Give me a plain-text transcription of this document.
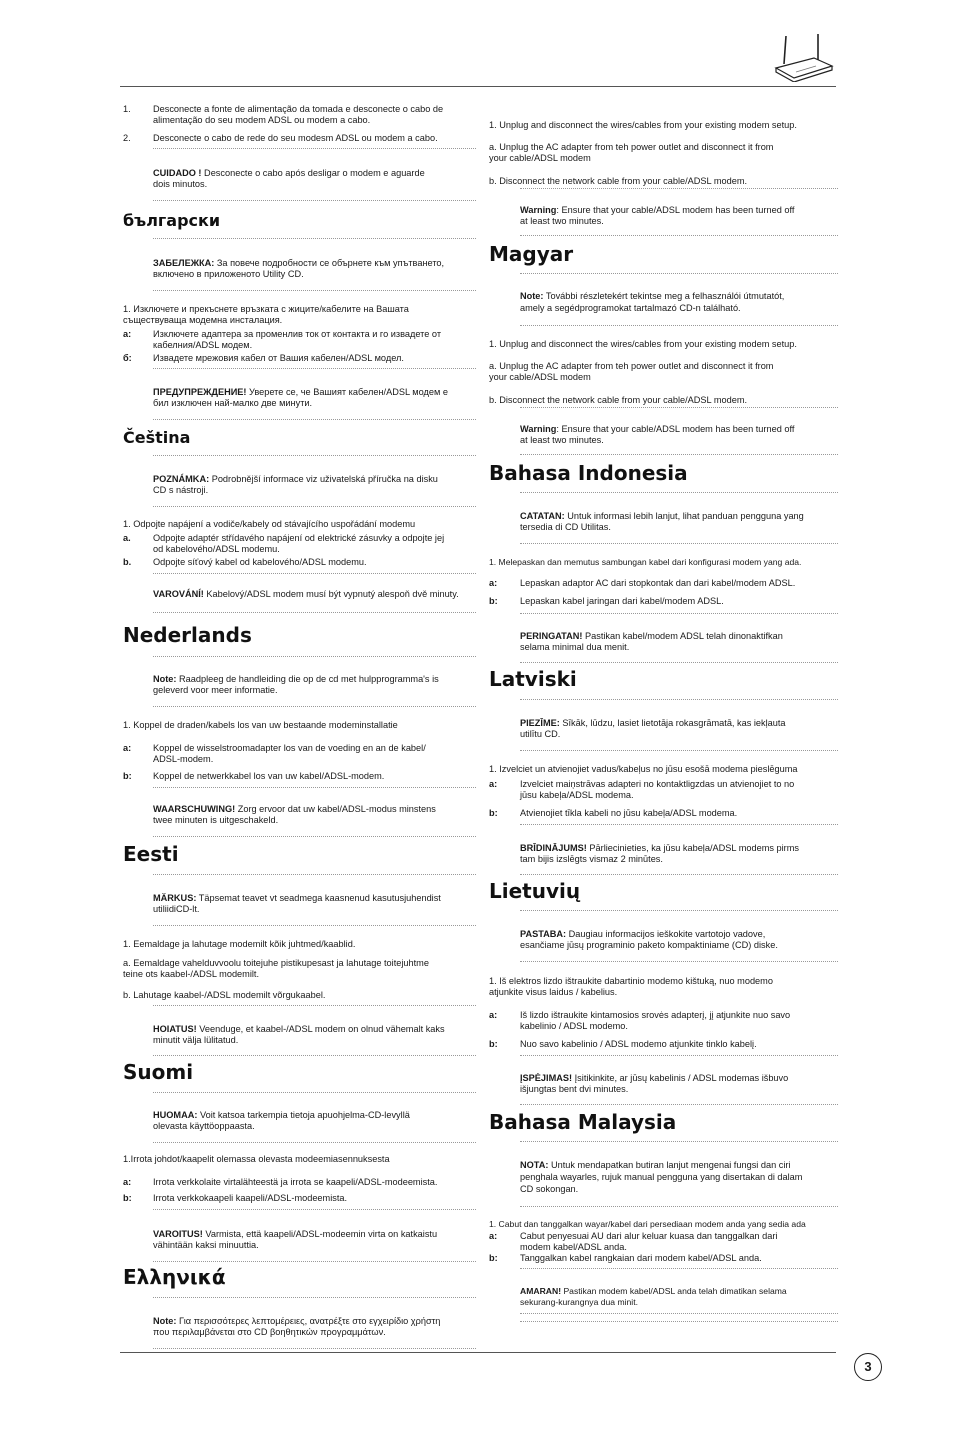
3
1. Desconecte a fonte de alimentação da tomada e desconecte o cabo de
alimentação do seu modem ADSL ou modem a cabo.
2. Desconecte o cabo de rede do seu modesm ADSL ou modem a cabo.
CUIDADO ! Desconecte o cabo após desligar o modem e aguarde
dois minutos.
български
ЗАБЕЛЕЖКА: За повече подробности се обърнете към упътването,
включено в приложеното Utility CD.
1. Изключете и прекъснете връзката с жиците/кабелите на Вашата
съществуваща модемна инсталация.
a: Изключете адаптера за променлив ток от контакта и го извадете от
кабелния/ADSL модем.
б: Извадете мрежовия кабел от Вашия кабелен/ADSL модел.
ПРЕДУПРЕЖДЕНИЕ! Уверете се, че Вашият кабелен/ADSL модем е
бил изключен най-малко две минути.
Čeština
POZNÁMKA: Podrobnější informace viz uživatelská příručka na disku
CD s nástroji.
1. Odpojte napájení a vodiče/kabely od stávajícího uspořádání modemu
a. Odpojte adaptér střídavého napájení od elektrické zásuvky a odpojte jej
od kabelového/ADSL modemu.
b. Odpojte síťový kabel od kabelového/ADSL modemu.
VAROVÁNÍ! Kabelový/ADSL modem musí být vypnutý alespoň dvě minuty.
Nederlands
Note: Raadpleeg de handleiding die op de cd met hulpprogramma's is
geleverd voor meer informatie.
1. Koppel de draden/kabels los van uw bestaande modeminstallatie
a: Koppel de wisselstroomadapter los van de voeding en an de kabel/
ADSL-modem.
b: Koppel de netwerkkabel los van uw kabel/ADSL-modem.
WAARSCHUWING! Zorg ervoor dat uw kabel/ADSL-modus minstens
twee minuten is uitgeschakeld.
Eesti
MÄRKUS: Täpsemat teavet vt seadmega kaasnenud kasutusjuhendist
utiliidiCD-lt.
1. Eemaldage ja lahutage modemilt kõik juhtmed/kaablid.
a. Eemaldage vahelduvvoolu toitejuhe pistikupesast ja lahutage toitejuhtme
teine ots kaabel-/ADSL modemilt.
b. Lahutage kaabel-/ADSL modemilt võrgukaabel.
HOIATUS! Veenduge, et kaabel-/ADSL modem on olnud vähemalt kaks
minutit välja lülitatud.
Suomi
HUOMAA: Voit katsoa tarkempia tietoja apuohjelma-CD-levyllä
olevasta käyttöoppaasta.
1.Irrota johdot/kaapelit olemassa olevasta modeemiasennuksesta
a: Irrota verkkolaite virtalähteestä ja irrota se kaapeli/ADSL-modeemista.
b: Irrota verkkokaapeli kaapeli/ADSL-modeemista.
VAROITUS! Varmista, että kaapeli/ADSL-modeemin virta on katkaistu
vähintään kaksi minuuttia.
Ελληνικά
Note: Για περισσότερες λεπτομέρειες, ανατρέξτε στο εγχειρίδιο χρήστη
που περιλαμβάνεται στο CD βοηθητικών προγραμμάτων.
1. Unplug and disconnect the wires/cables from your existing modem setup.
a. Unplug the AC adapter from teh power outlet and disconnect it from
your cable/ADSL modem
b. Disconnect the network cable from your cable/ADSL modem.
Warning: Ensure that your cable/ADSL modem has been turned off
at least two minutes.
Magyar
Note: További részletekért tekintse meg a felhasználói útmutatót,
amely a segédprogramokat tartalmazó CD-n található.
1. Unplug and disconnect the wires/cables from your existing modem setup.
a. Unplug the AC adapter from teh power outlet and disconnect it from
your cable/ADSL modem
b. Disconnect the network cable from your cable/ADSL modem.
Warning: Ensure that your cable/ADSL modem has been turned off
at least two minutes.
Bahasa Indonesia
CATATAN: Untuk informasi lebih lanjut, lihat panduan pengguna yang
tersedia di CD Utilitas.
1. Melepaskan dan memutus sambungan kabel dari konfigurasi modem yang ada.
a: Lepaskan adaptor AC dari stopkontak dan dari kabel/modem ADSL.
b: Lepaskan kabel jaringan dari kabel/modem ADSL.
PERINGATAN! Pastikan kabel/modem ADSL telah dinonaktifkan
selama minimal dua menit.
Latviski
PIEZĪME: Sīkāk, lūdzu, lasiet lietotāja rokasgrāmatā, kas iekļauta
utilītu CD.
1. Izvelciet un atvienojiet vadus/kabeļus no jūsu esošā modema pieslēguma
a: Izvelciet maiņstrāvas adapteri no kontaktligzdas un atvienojiet to no
jūsu kabeļa/ADSL modema.
b: Atvienojiet tīkla kabeli no jūsu kabeļa/ADSL modema.
BRĪDINĀJUMS! Pārliecinieties, ka jūsu kabeļa/ADSL modems pirms
tam bijis izslēgts vismaz 2 minūtes.
Lietuvių
PASTABA: Daugiau informacijos ieškokite vartotojo vadove,
esančiame jūsų programinio paketo kompaktiniame (CD) diske.
1. Iš elektros lizdo ištraukite dabartinio modemo kištuką, nuo modemo
atjunkite visus laidus / kabelius.
a: Iš lizdo ištraukite kintamosios srovės adapterį, jį atjunkite nuo savo
kabelinio / ADSL modemo.
b: Nuo savo kabelinio / ADSL modemo atjunkite tinklo kabelį.
ĮSPĖJIMAS! Įsitikinkite, ar jūsų kabelinis / ADSL modemas išbuvo
išjungtas bent dvi minutes.
Bahasa Malaysia
NOTA: Untuk mendapatkan butiran lanjut mengenai fungsi dan ciri
penghala wayarles, rujuk manual pengguna yang disertakan di dalam
CD sokongan.
1. Cabut dan tanggalkan wayar/kabel dari persediaan modem anda yang sedia ada
a: Cabut penyesuai AU dari alur keluar kuasa dan tanggalkan dari
modem kabel/ADSL anda.
b: Tanggalkan kabel rangkaian dari modem kabel/ADSL anda.
AMARAN! Pastikan modem kabel/ADSL anda telah dimatikan selama
sekurang-kurangnya dua minit.
